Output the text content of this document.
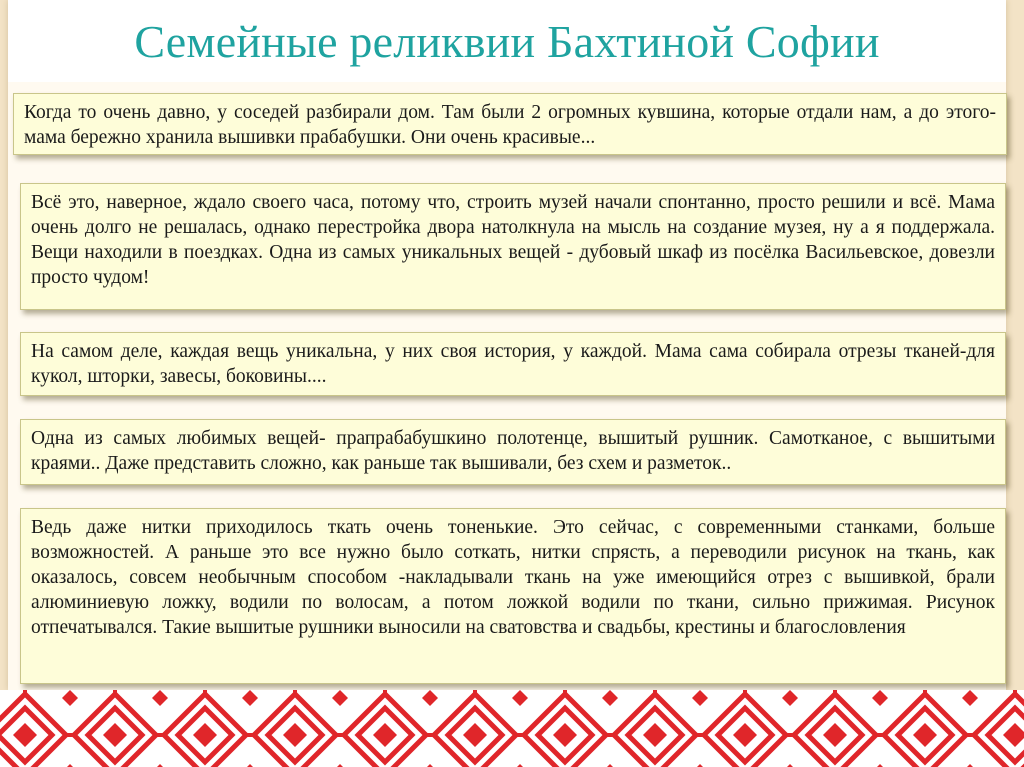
Семейные реликвии Бахтиной Софии

Когда то очень давно, у соседей разбирали дом. Там были 2 огромных кувшина, которые отдали нам, а до этого-мама бережно хранила вышивки прабабушки. Они очень красивые...

Всё это, наверное, ждало своего часа, потому что, строить музей начали спонтанно, просто решили и всё. Мама очень долго не решалась, однако перестройка двора натолкнула на мысль на создание музея, ну а я поддержала. Вещи находили в поездках. Одна из самых уникальных вещей - дубовый шкаф из посёлка Васильевское, довезли просто чудом!

На самом деле, каждая вещь уникальна, у них своя история, у каждой. Мама сама собирала отрезы тканей-для кукол, шторки, завесы, боковины....

Одна из самых любимых вещей- прапрабабушкино полотенце, вышитый рушник. Самотканое, с вышитыми краями.. Даже представить сложно, как раньше так вышивали, без схем и разметок..

Ведь даже нитки приходилось ткать очень тоненькие. Это сейчас, с современными станками, больше возможностей. А раньше это все нужно было соткать, нитки спрясть, а переводили рисунок на ткань, как оказалось, совсем необычным способом -накладывали ткань на уже имеющийся отрез с вышивкой, брали алюминиевую ложку, водили по волосам, а потом ложкой водили по ткани, сильно прижимая. Рисунок отпечатывался. Такие вышитые рушники выносили на сватовства и свадьбы, крестины и благословления
